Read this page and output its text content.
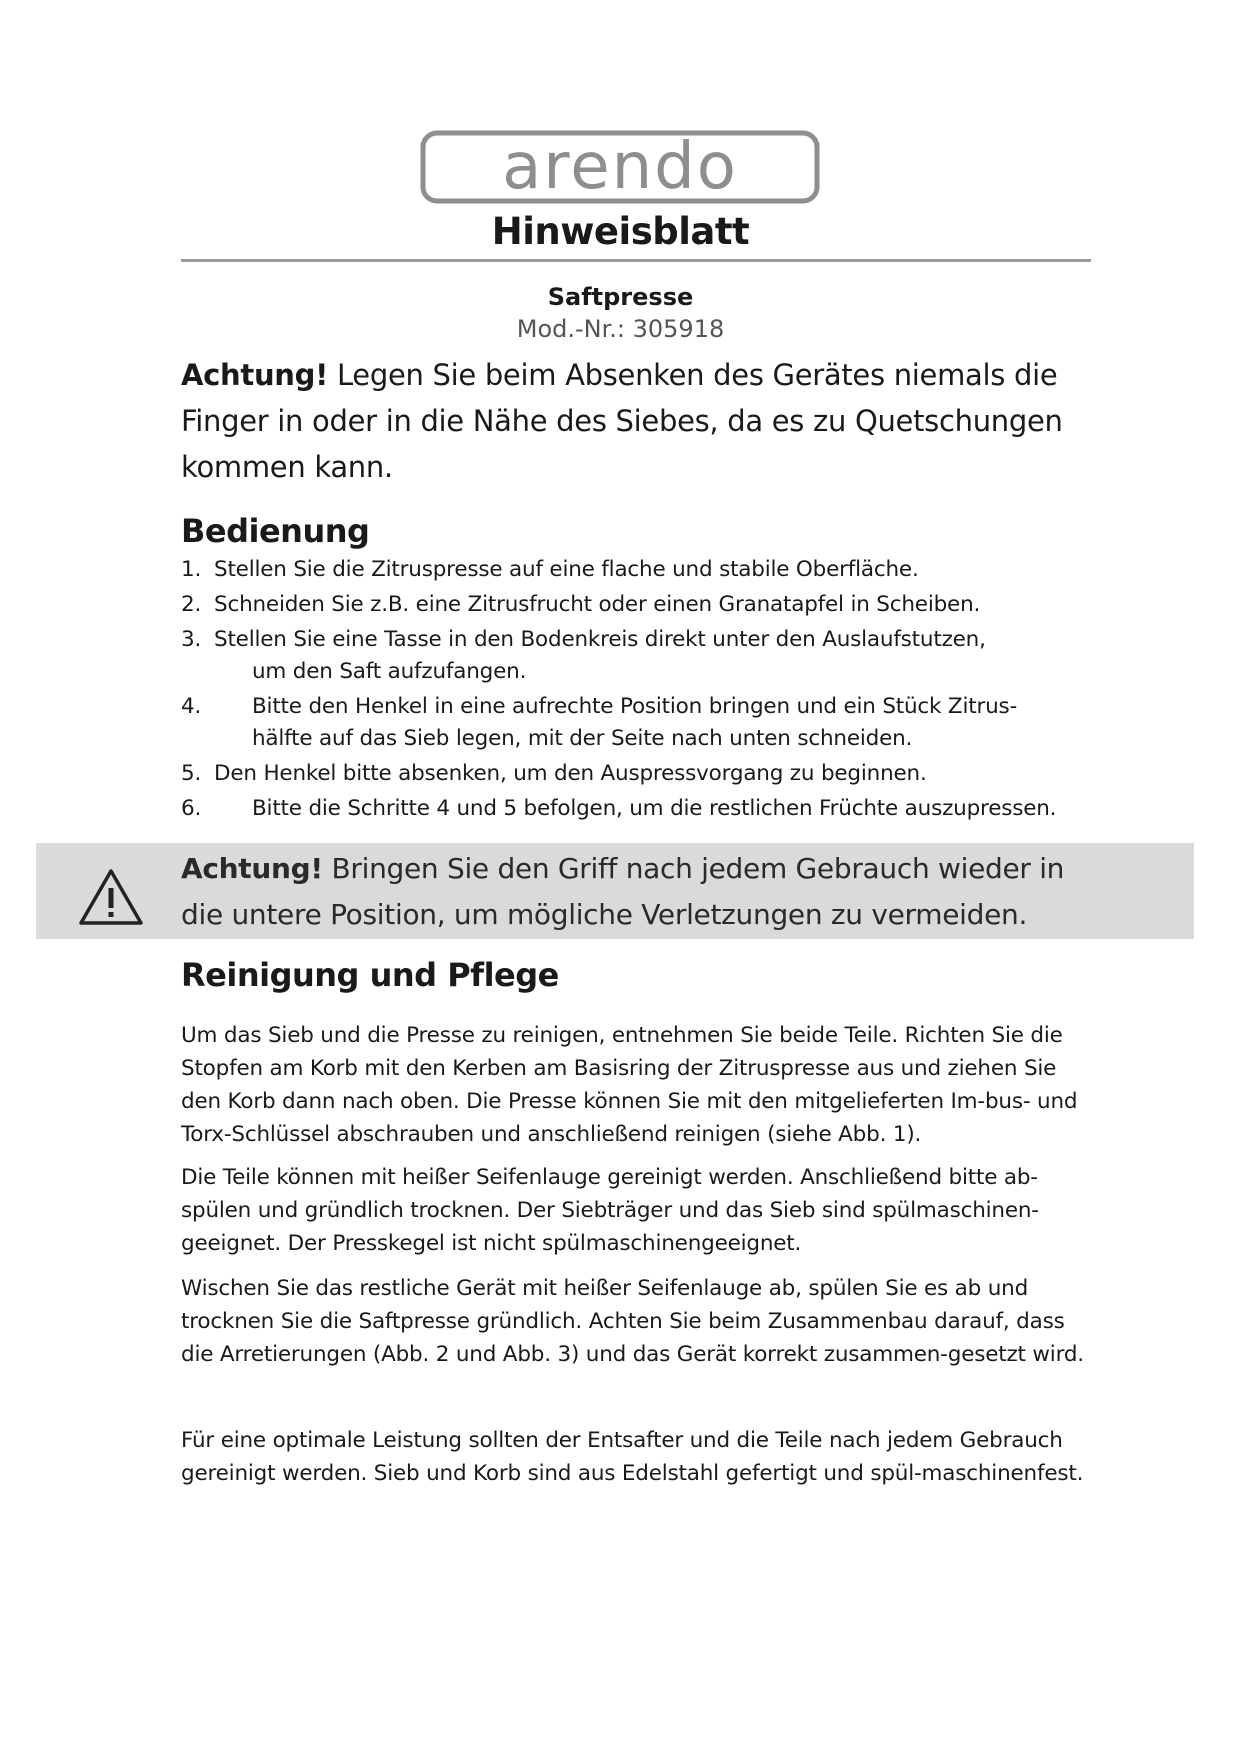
arendo
Hinweisblatt
Saftpresse
Mod.-Nr.: 305918
Achtung! Legen Sie beim Absenken des Gerätes niemals die Finger in oder in die Nähe des Siebes, da es zu Quetschungen kommen kann.
Bedienung
1. Stellen Sie die Zitruspresse auf eine flache und stabile Oberfläche.
2. Schneiden Sie z.B. eine Zitrusfrucht oder einen Granatapfel in Scheiben.
3. Stellen Sie eine Tasse in den Bodenkreis direkt unter den Auslaufstutzen,
um den Saft aufzufangen.
4. Bitte den Henkel in eine aufrechte Position bringen und ein Stück Zitrus-
hälfte auf das Sieb legen, mit der Seite nach unten schneiden.
5. Den Henkel bitte absenken, um den Auspressvorgang zu beginnen.
6. Bitte die Schritte 4 und 5 befolgen, um die restlichen Früchte auszupressen.
Achtung! Bringen Sie den Griff nach jedem Gebrauch wieder in die untere Position, um mögliche Verletzungen zu vermeiden.
Reinigung und Pflege

Um das Sieb und die Presse zu reinigen, entnehmen Sie beide Teile. Richten Sie die Stopfen am Korb mit den Kerben am Basisring der Zitruspresse aus und ziehen Sie den Korb dann nach oben. Die Presse können Sie mit den mitgelieferten Im-bus- und Torx-Schlüssel abschrauben und anschließend reinigen (siehe Abb. 1).

Die Teile können mit heißer Seifenlauge gereinigt werden. Anschließend bitte ab-spülen und gründlich trocknen. Der Siebträger und das Sieb sind spülmaschinen-geeignet. Der Presskegel ist nicht spülmaschinengeeignet.

Wischen Sie das restliche Gerät mit heißer Seifenlauge ab, spülen Sie es ab und trocknen Sie die Saftpresse gründlich. Achten Sie beim Zusammenbau darauf, dass die Arretierungen (Abb. 2 und Abb. 3) und das Gerät korrekt zusammen-gesetzt wird.

Für eine optimale Leistung sollten der Entsafter und die Teile nach jedem Gebrauch gereinigt werden. Sieb und Korb sind aus Edelstahl gefertigt und spül-maschinenfest.
